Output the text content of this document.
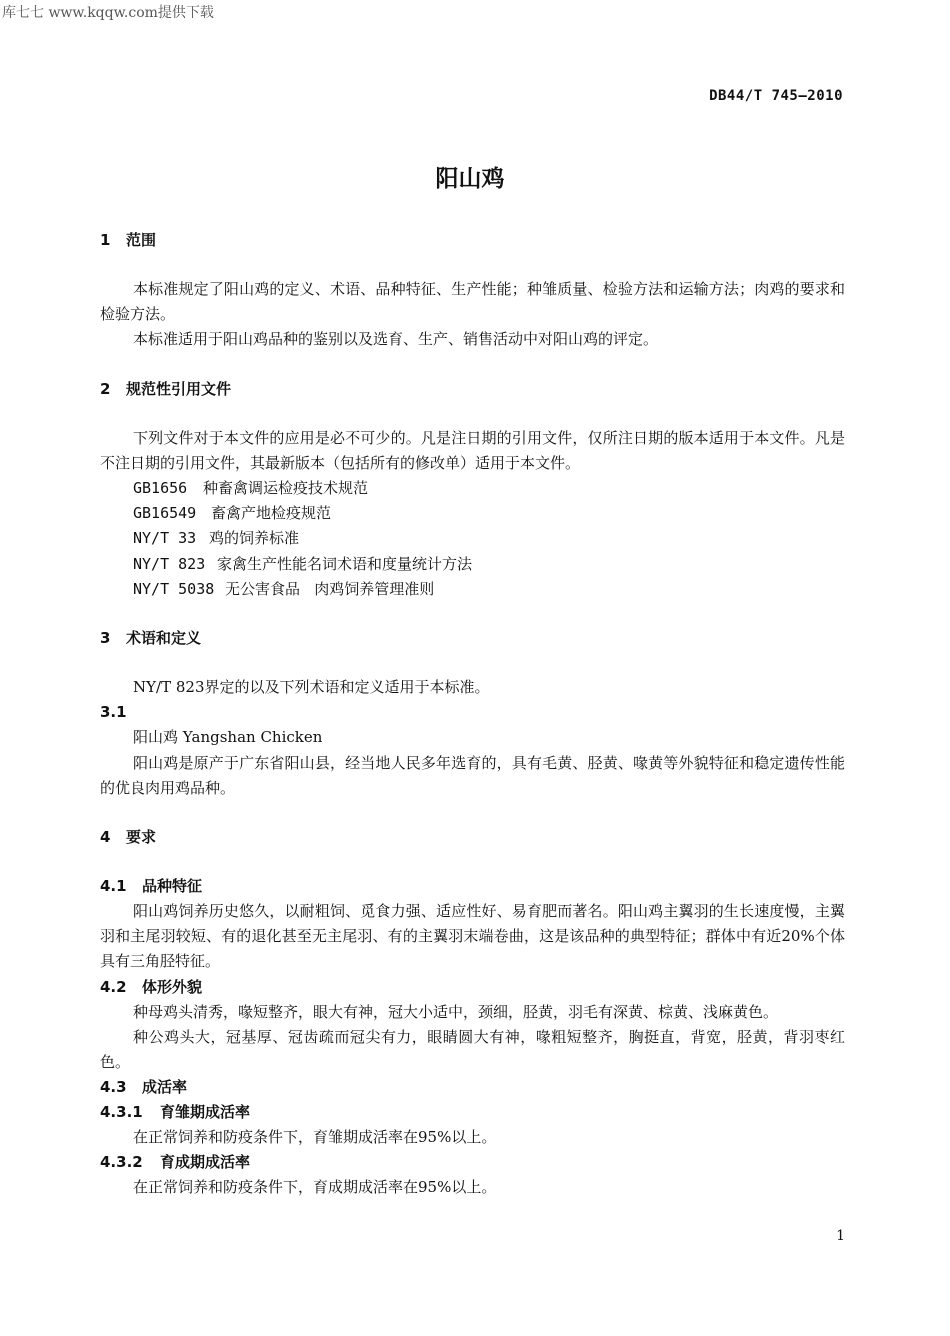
库七七 www.kqqw.com提供下载
DB44/T 745—2010
阳山鸡
1 范围

本标准规定了阳山鸡的定义、术语、品种特征、生产性能；种雏质量、检验方法和运输方法；肉鸡的要求和检验方法。

本标准适用于阳山鸡品种的鉴别以及选育、生产、销售活动中对阳山鸡的评定。

2 规范性引用文件

下列文件对于本文件的应用是必不可少的。凡是注日期的引用文件，仅所注日期的版本适用于本文件。凡是不注日期的引用文件，其最新版本（包括所有的修改单）适用于本文件。

GB1656 种畜禽调运检疫技术规范
GB16549 畜禽产地检疫规范
NY/T 33 鸡的饲养标准
NY/T 823 家禽生产性能名词术语和度量统计方法
NY/T 5038 无公害食品   肉鸡饲养管理准则
3 术语和定义

NY/T 823界定的以及下列术语和定义适用于本标准。

3.1

阳山鸡 Yangshan Chicken

阳山鸡是原产于广东省阳山县，经当地人民多年选育的，具有毛黄、胫黄、喙黄等外貌特征和稳定遗传性能的优良肉用鸡品种。

4 要求
4.1 品种特征

阳山鸡饲养历史悠久，以耐粗饲、觅食力强、适应性好、易育肥而著名。阳山鸡主翼羽的生长速度慢，主翼羽和主尾羽较短、有的退化甚至无主尾羽、有的主翼羽末端卷曲，这是该品种的典型特征；群体中有近20%个体具有三角胫特征。

4.2 体形外貌

种母鸡头清秀，喙短整齐，眼大有神，冠大小适中，颈细，胫黄，羽毛有深黄、棕黄、浅麻黄色。

种公鸡头大，冠基厚、冠齿疏而冠尖有力，眼睛圆大有神，喙粗短整齐，胸挺直，背宽，胫黄，背羽枣红色。

4.3 成活率
4.3.1 育雏期成活率

在正常饲养和防疫条件下，育雏期成活率在95%以上。

4.3.2 育成期成活率

在正常饲养和防疫条件下，育成期成活率在95%以上。

1
